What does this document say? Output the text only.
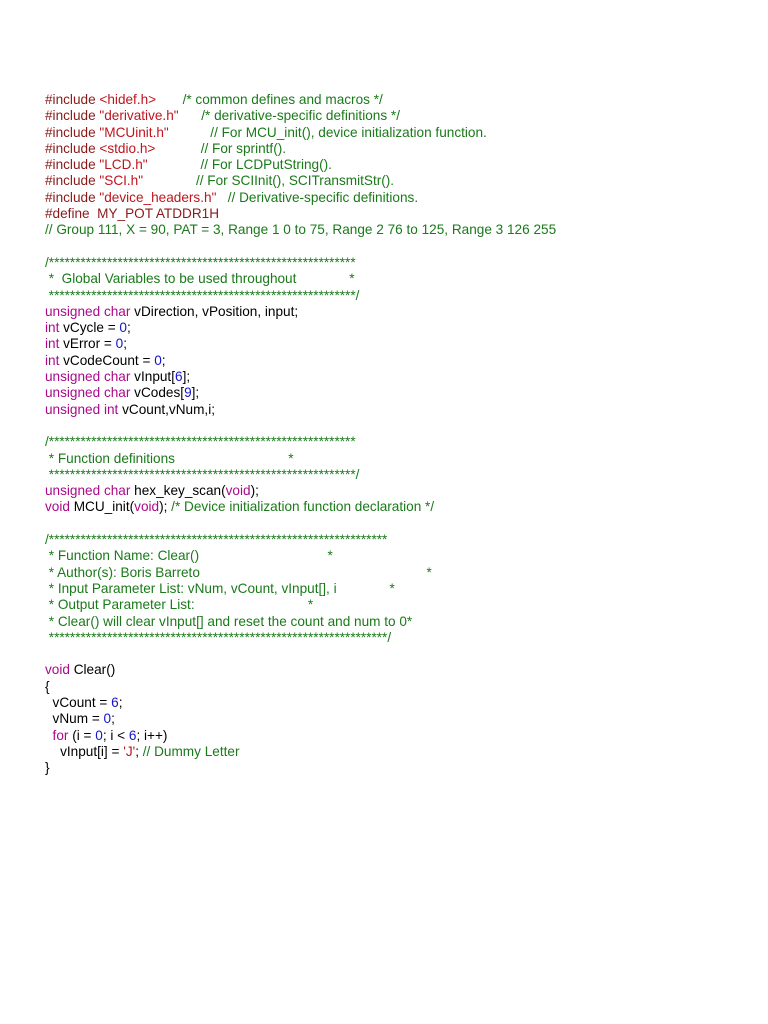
#include <hidef.h> /* common defines and macros */
#include "derivative.h" /* derivative-specific definitions */
#include "MCUinit.h"	// For MCU_init(), device initialization function.
#include <stdio.h>	// For sprintf().
#include "LCD.h"	// For LCDPutString().
#include "SCI.h"	// For SCIInit(), SCITransmitStr().
#include "device_headers.h" // Derivative-specific definitions.
#define  MY_POT ATDDR1H
// Group 111, X = 90, PAT = 3, Range 1 0 to 75, Range 2 76 to 125, Range 3 126 255
/**********************************************************
*  Global Variables to be used throughout              *
**********************************************************/
unsigned char vDirection, vPosition, input;
int vCycle = 0;
int vError = 0;
int vCodeCount = 0;
unsigned char vInput[6];
unsigned char vCodes[9];
unsigned int vCount,vNum,i;
/**********************************************************
* Function definitions                              *
**********************************************************/
unsigned char hex_key_scan(void);
void MCU_init(void); /* Device initialization function declaration */
/****************************************************************
* Function Name: Clear()                                  *
* Author(s): Boris Barreto                                                            *
* Input Parameter List: vNum, vCount, vInput[], i              *
* Output Parameter List:                              *
* Clear() will clear vInput[] and reset the count and num to 0*
****************************************************************/
void Clear()
{
vCount = 6;
vNum = 0;
for (i = 0; i < 6; i++)
vInput[i] = 'J'; // Dummy Letter
}
